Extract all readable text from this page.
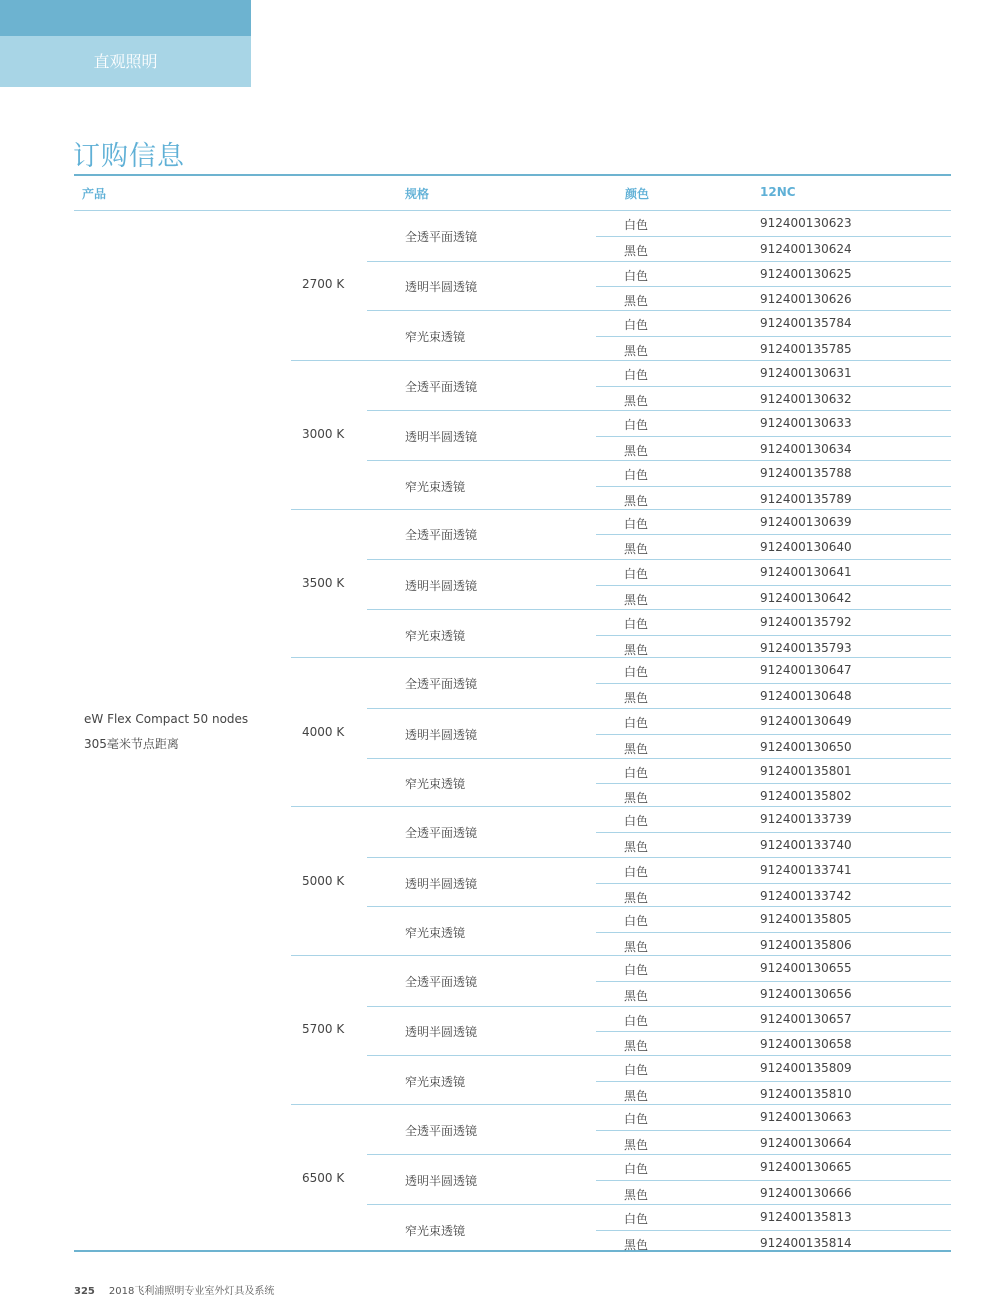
直观照明
订购信息
产品	规格	颜色	12NC
eW Flex Compact 50 nodes
305毫米节点距离
2700 K
全透平面透镜
白色	912400130623
黑色	912400130624
透明半圆透镜
白色	912400130625
黑色	912400130626
窄光束透镜
白色	912400135784
黑色	912400135785
3000 K
全透平面透镜
白色	912400130631
黑色	912400130632
透明半圆透镜
白色	912400130633
黑色	912400130634
窄光束透镜
白色	912400135788
黑色	912400135789
3500 K
全透平面透镜
白色	912400130639
黑色	912400130640
透明半圆透镜
白色	912400130641
黑色	912400130642
窄光束透镜
白色	912400135792
黑色	912400135793
4000 K
全透平面透镜
白色	912400130647
黑色	912400130648
透明半圆透镜
白色	912400130649
黑色	912400130650
窄光束透镜
白色	912400135801
黑色	912400135802
5000 K
全透平面透镜
白色	912400133739
黑色	912400133740
透明半圆透镜
白色	912400133741
黑色	912400133742
窄光束透镜
白色	912400135805
黑色	912400135806
5700 K
全透平面透镜
白色	912400130655
黑色	912400130656
透明半圆透镜
白色	912400130657
黑色	912400130658
窄光束透镜
白色	912400135809
黑色	912400135810
6500 K
全透平面透镜
白色	912400130663
黑色	912400130664
透明半圆透镜
白色	912400130665
黑色	912400130666
窄光束透镜
白色	912400135813
黑色	912400135814
325 2018飞利浦照明专业室外灯具及系统
